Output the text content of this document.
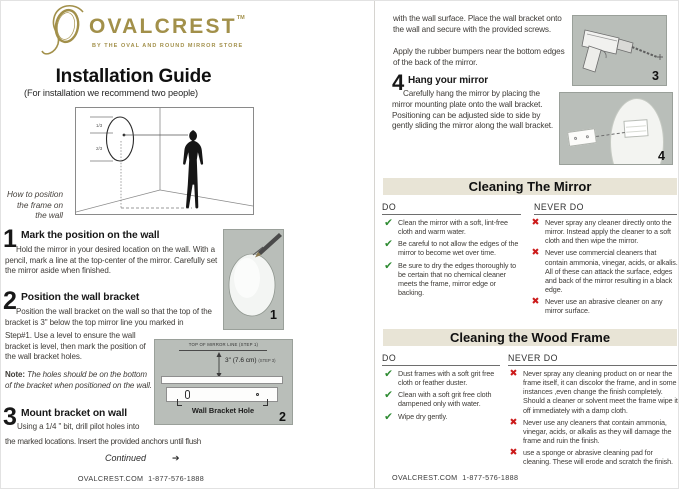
OVALCREST™
BY THE OVAL AND ROUND MIRROR STORE
Installation Guide
(For installation we recommend two people)
1/3
2/3
How to position the frame on the wall
1 Mark the position on the wall
Hold the mirror in your desired location on the wall. With a pencil, mark a line at the top-center of the mirror. Carefully set the mirror aside when finished.
1
2 Position the wall bracket
Position the wall bracket on the wall so that the top of the bracket is 3" below the top mirror line you marked in
Step#1. Use a level to ensure the wall bracket is level, then mark the position of the wall bracket holes.
Note: The holes should be on the bottom of the bracket when positioned on the wall.
TOP OF MIRROR LINE (STEP 1)
3" (7.6 cm) (STEP 3)
Wall Bracket Hole	2
3 Mount bracket on wall
Using a 1/4 " bit, drill pilot holes into
the marked locations. Insert the provided anchors until flush
Continued	➔
OVALCREST.COM 1-877-576-1888
with the wall surface. Place the wall bracket onto the wall and secure with the provided screws.
Apply the rubber bumpers near the bottom edges of the back of the mirror.
3
4 Hang your mirror
Carefully hang the mirror by placing the mirror mounting plate onto the wall bracket. Positioning can be adjusted side to side by gently sliding the mirror along the wall bracket.
4
Cleaning The Mirror
DO	NEVER DO
✔ Clean the mirror with a soft, lint-free cloth and warm water.
✔ Be careful to not allow the edges of the mirror to become wet over time.
✔ Be sure to dry the edges thoroughly to be certain that no chemical cleaner meets the frame, mirror edge or backing.
✖ Never spray any cleaner directly onto the mirror. Instead apply the cleaner to a soft cloth and then wipe the mirror.
✖ Never use commercial cleaners that contain ammonia, vinegar, acids, or alkalis. All of these can attack the surface, edges and back of the mirror resulting in a black edge.
✖ Never use an abrasive cleaner on any mirror surface.
Cleaning the Wood Frame
DO	NEVER DO
✔ Dust frames with a soft grit free cloth or feather duster.
✔ Clean with a soft grit free cloth dampened only with water.
✔ Wipe dry gently.
✖ Never spray any cleaning product on or near the frame itself, it can discolor the frame, and in some instances ,even change the finish completely. Should a cleaner or solvent meet the frame wipe it off immediately with a damp cloth.
✖ Never use any cleaners that contain ammonia, vinegar, acids, or alkalis as they will damage the frame and ruin the finish.
✖ use a sponge or abrasive cleaning pad for cleaning. These will erode and scratch the finish.
OVALCREST.COM 1-877-576-1888
